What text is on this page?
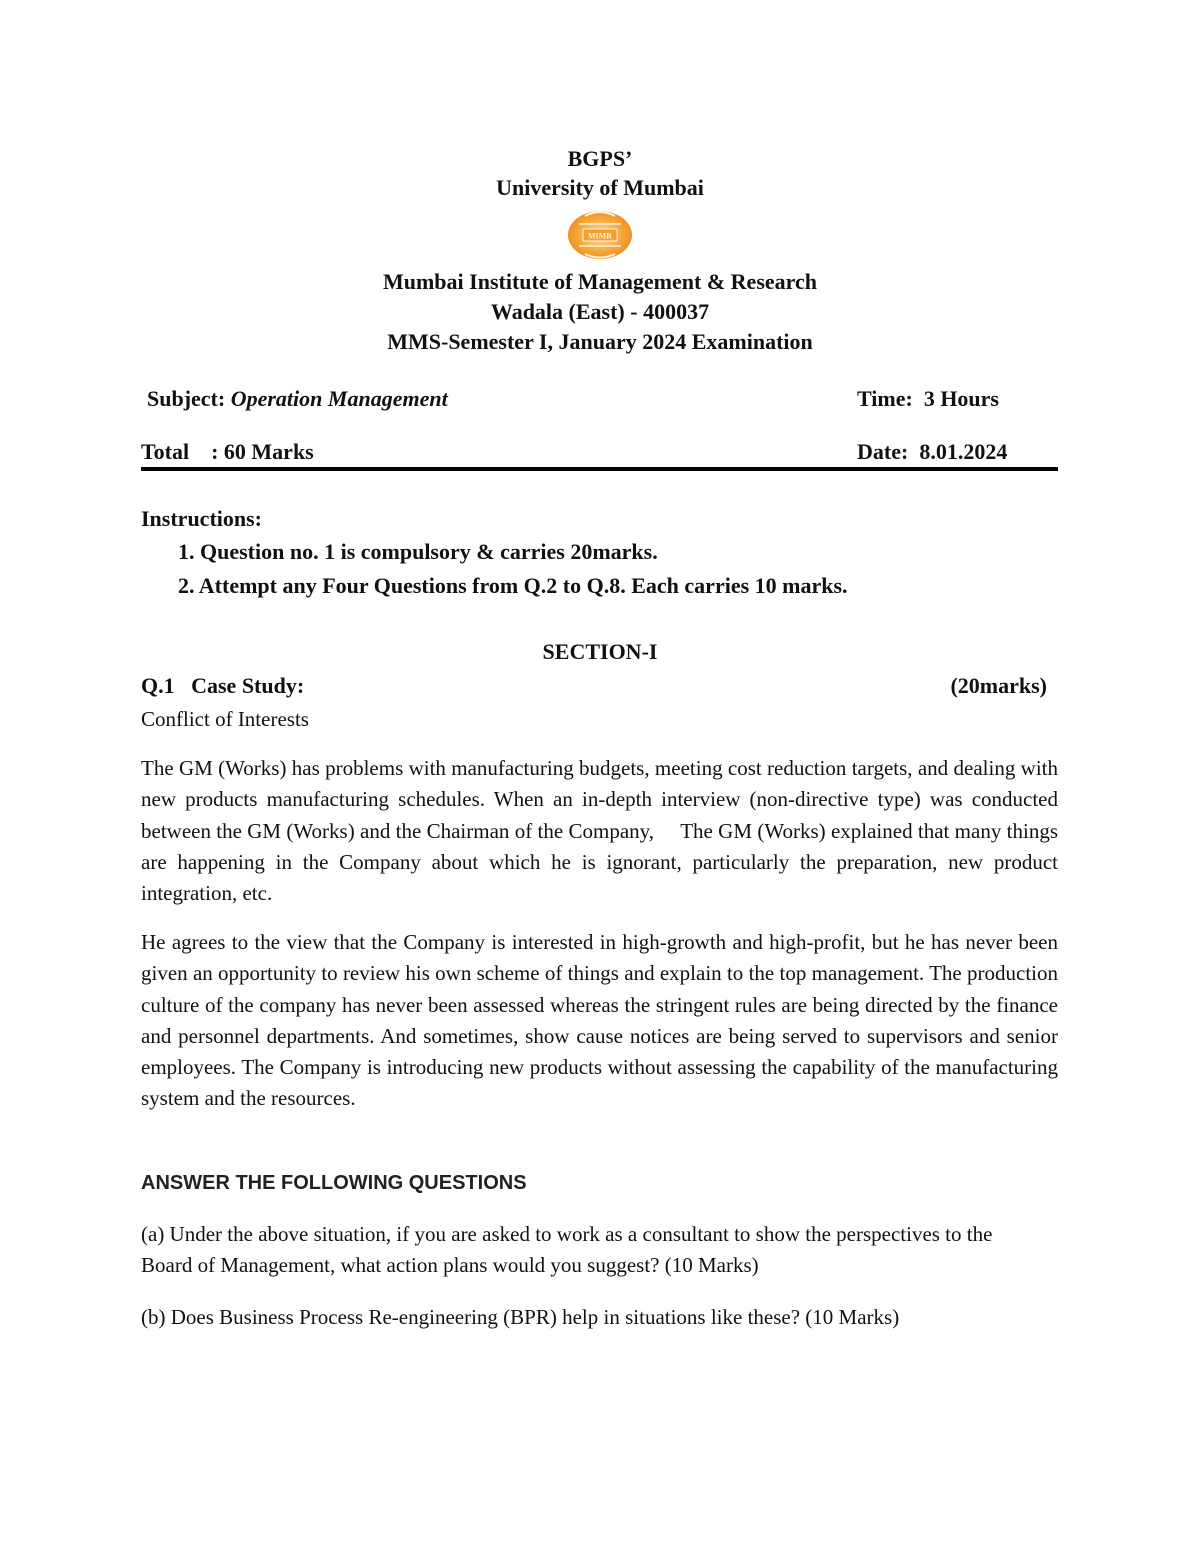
BGPS’
University of Mumbai
MIMR
Mumbai Institute of Management & Research
Wadala (East) - 400037
MMS-Semester I, January 2024 Examination
Subject: Operation Management	Time: 3 Hours
Total : 60 Marks	Date: 8.01.2024
Instructions:
1. Question no. 1 is compulsory & carries 20marks.
2. Attempt any Four Questions from Q.2 to Q.8. Each carries 10 marks.
SECTION-I
Q.1   Case Study:	(20marks)
Conflict of Interests

The GM (Works) has problems with manufacturing budgets, meeting cost reduction targets, and dealing with new products manufacturing schedules. When an in-depth interview (non-directive type) was conducted between the GM (Works) and the Chairman of the Company,     The GM (Works) explained that many things are happening in the Company about which he is ignorant, particularly the preparation, new product integration, etc.

He agrees to the view that the Company is interested in high-growth and high-profit, but he has never been given an opportunity to review his own scheme of things and explain to the top management. The production culture of the company has never been assessed whereas the stringent rules are being directed by the finance and personnel departments. And sometimes, show cause notices are being served to supervisors and senior employees. The Company is introducing new products without assessing the capability of the manufacturing system and the resources.

ANSWER THE FOLLOWING QUESTIONS

(a) Under the above situation, if you are asked to work as a consultant to show the perspectives to the Board of Management, what action plans would you suggest? (10 Marks)

(b) Does Business Process Re-engineering (BPR) help in situations like these? (10 Marks)
